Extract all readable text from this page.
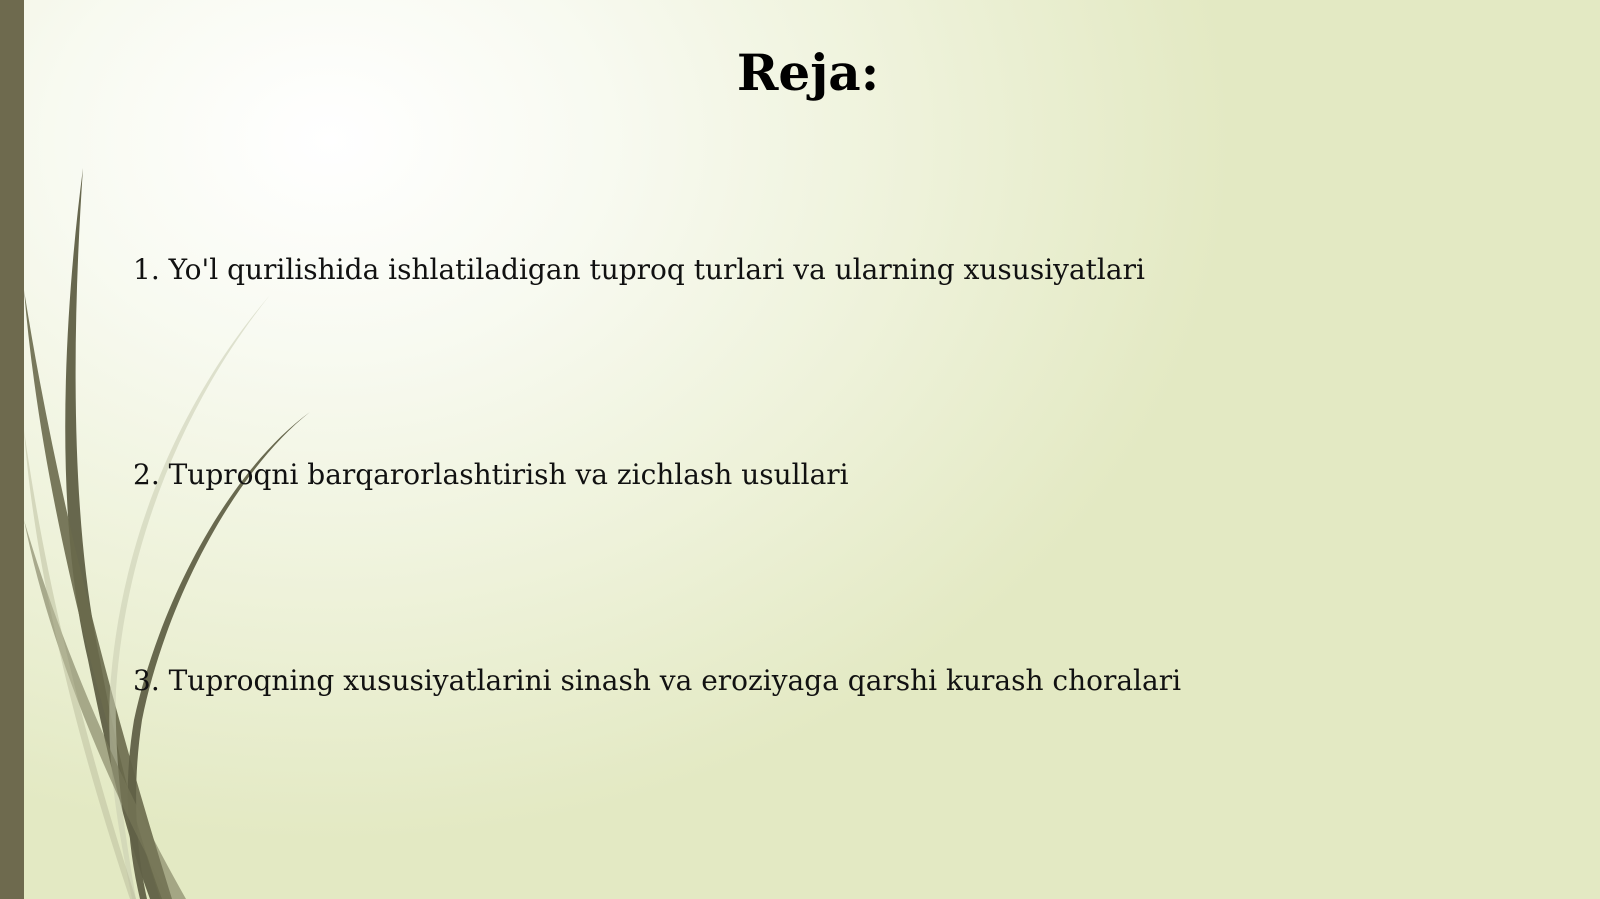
Reja:

1. Yo'l qurilishida ishlatiladigan tuproq turlari va ularning xususiyatlari

2. Tuproqni barqarorlashtirish va zichlash usullari

3. Tuproqning xususiyatlarini sinash va eroziyaga qarshi kurash choralari
